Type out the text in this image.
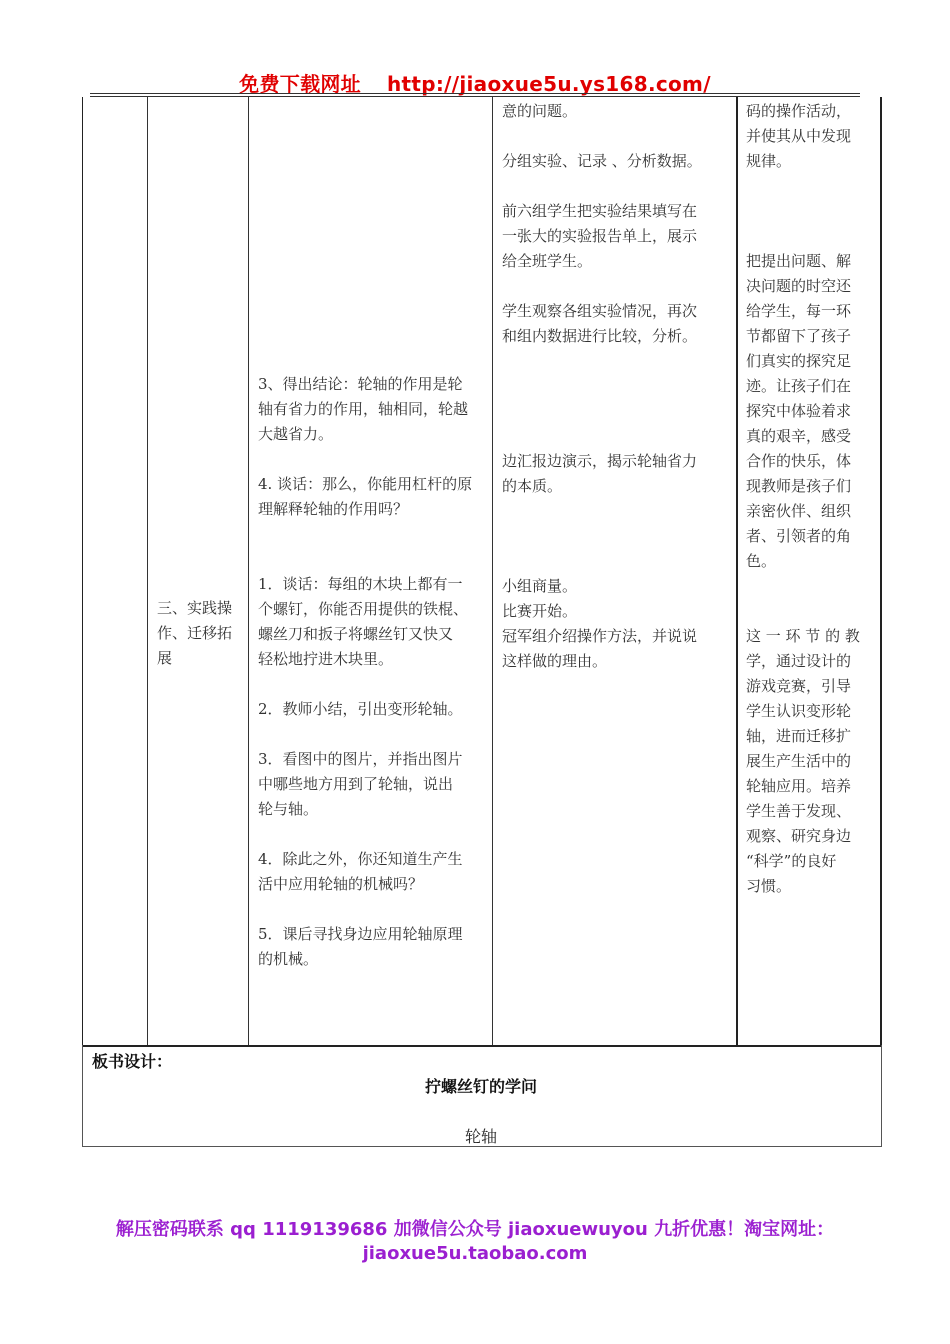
免费下载网址 http://jiaoxue5u.ys168.com/

三、实践操

作、迁移拓

展

3、得出结论：轮轴的作用是轮

轴有省力的作用，轴相同，轮越

大越省力。

4. 谈话：那么，你能用杠杆的原

理解释轮轴的作用吗？

1．谈话：每组的木块上都有一

个螺钉，你能否用提供的铁棍、

螺丝刀和扳子将螺丝钉又快又

轻松地拧进木块里。

2．教师小结，引出变形轮轴。

3．看图中的图片，并指出图片

中哪些地方用到了轮轴，说出

轮与轴。

4．除此之外，你还知道生产生

活中应用轮轴的机械吗？

5．课后寻找身边应用轮轴原理

的机械。

意的问题。

分组实验、记录 、分析数据。

前六组学生把实验结果填写在

一张大的实验报告单上，展示

给全班学生。

学生观察各组实验情况，再次

和组内数据进行比较，分析。

边汇报边演示，揭示轮轴省力

的本质。

小组商量。

比赛开始。

冠军组介绍操作方法，并说说

这样做的理由。

码的操作活动，

并使其从中发现

规律。

把提出问题、解

决问题的时空还

给学生，每一环

节都留下了孩子

们真实的探究足

迹。让孩子们在

探究中体验着求

真的艰辛，感受

合作的快乐，体

现教师是孩子们

亲密伙伴、组织

者、引领者的角

色。

这 一 环 节 的 教

学，通过设计的

游戏竞赛，引导

学生认识变形轮

轴，进而迁移扩

展生产生活中的

轮轴应用。培养

学生善于发现、

观察、研究身边

“科学”的良好

习惯。

板书设计：
拧螺丝钉的学问
轮轴
解压密码联系 qq 1119139686 加微信公众号 jiaoxuewuyou 九折优惠！淘宝网址：
jiaoxue5u.taobao.com
